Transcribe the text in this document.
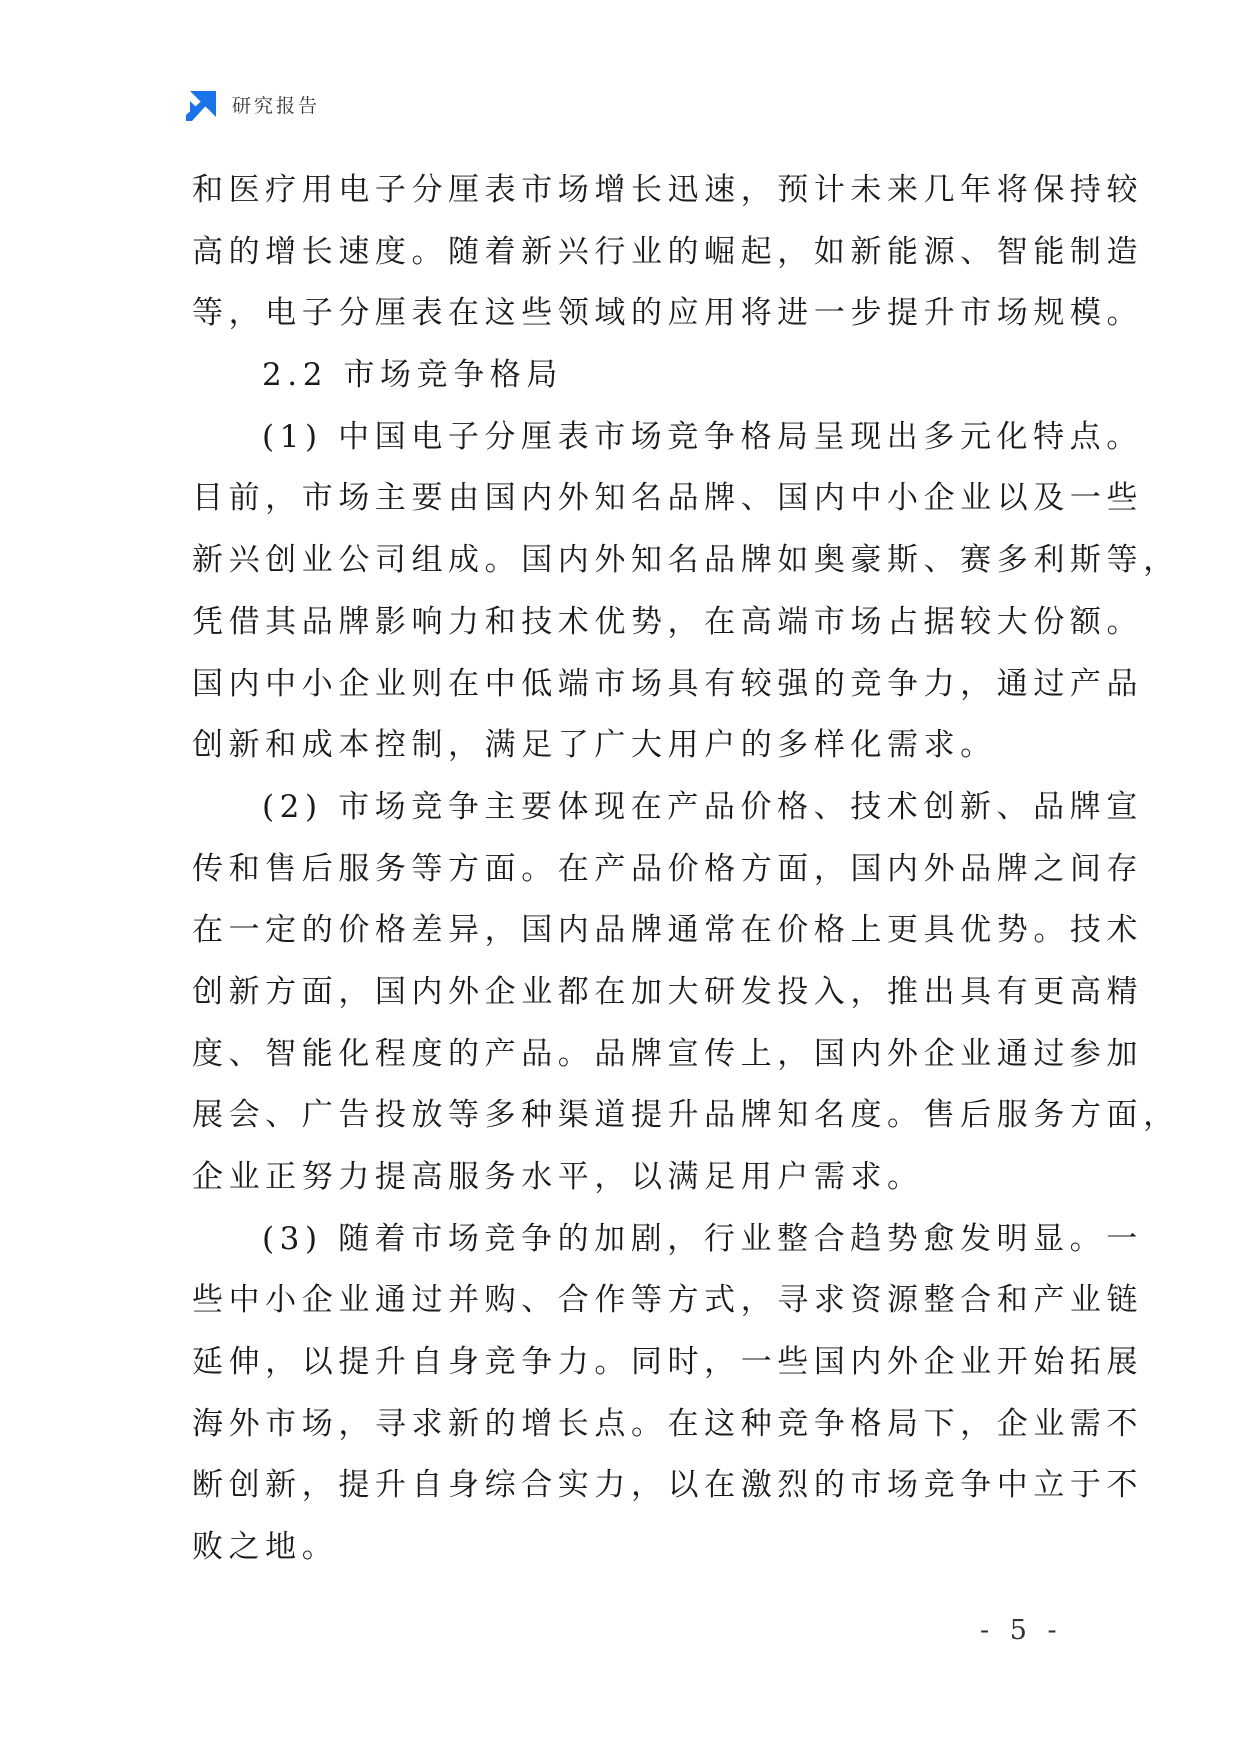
研究报告
和医疗用电子分厘表市场增长迅速，预计未来几年将保持较
高的增长速度。随着新兴行业的崛起，如新能源、智能制造
等，电子分厘表在这些领域的应用将进一步提升市场规模。
2.2 市场竞争格局
(1) 中国电子分厘表市场竞争格局呈现出多元化特点。
目前，市场主要由国内外知名品牌、国内中小企业以及一些
新兴创业公司组成。国内外知名品牌如奥豪斯、赛多利斯等，
凭借其品牌影响力和技术优势，在高端市场占据较大份额。
国内中小企业则在中低端市场具有较强的竞争力，通过产品
创新和成本控制，满足了广大用户的多样化需求。
(2) 市场竞争主要体现在产品价格、技术创新、品牌宣
传和售后服务等方面。在产品价格方面，国内外品牌之间存
在一定的价格差异，国内品牌通常在价格上更具优势。技术
创新方面，国内外企业都在加大研发投入，推出具有更高精
度、智能化程度的产品。品牌宣传上，国内外企业通过参加
展会、广告投放等多种渠道提升品牌知名度。售后服务方面，
企业正努力提高服务水平，以满足用户需求。
(3) 随着市场竞争的加剧，行业整合趋势愈发明显。一
些中小企业通过并购、合作等方式，寻求资源整合和产业链
延伸，以提升自身竞争力。同时，一些国内外企业开始拓展
海外市场，寻求新的增长点。在这种竞争格局下，企业需不
断创新，提升自身综合实力，以在激烈的市场竞争中立于不
败之地。
- 5 -
